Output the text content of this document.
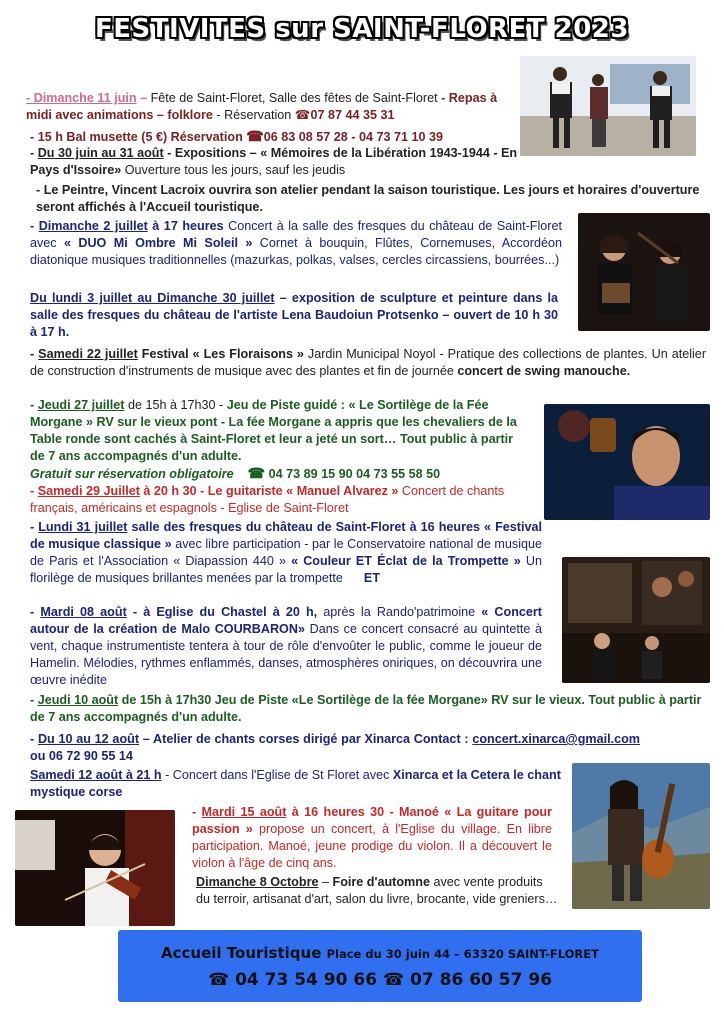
FESTIVITES sur SAINT-FLORET 2023
- Dimanche 11 juin – Fête de Saint-Floret, Salle des fêtes de Saint-Floret - Repas à midi avec animations – folklore - Réservation ☎07 87 44 35 31
- 15 h Bal musette (5 €) Réservation ☎06 83 08 57 28 - 04 73 71 10 39
- Du 30 juin au 31 août - Expositions – « Mémoires de la Libération 1943-1944 - En Pays d'Issoire» Ouverture tous les jours, sauf les jeudis
- Le Peintre, Vincent Lacroix ouvrira son atelier pendant la saison touristique. Les jours et horaires d'ouverture seront affichés à l'Accueil touristique.
- Dimanche 2 juillet à 17 heures Concert à la salle des fresques du château de Saint-Floret avec « DUO Mi Ombre Mi Soleil » Cornet à bouquin, Flûtes, Cornemuses, Accordéon diatonique musiques traditionnelles (mazurkas, polkas, valses, cercles circassiens, bourrées...)
Du lundi 3 juillet au Dimanche 30 juillet – exposition de sculpture et peinture dans la salle des fresques du château de l'artiste Lena Baudoiun Protsenko – ouvert de 10 h 30 à 17 h.
- Samedi 22 juillet Festival « Les Floraisons » Jardin Municipal Noyol - Pratique des collections de plantes. Un atelier de construction d'instruments de musique avec des plantes et fin de journée concert de swing manouche.
- Jeudi 27 juillet de 15h à 17h30 - Jeu de Piste guidé : « Le Sortilège de la Fée Morgane » RV sur le vieux pont - La fée Morgane a appris que les chevaliers de la Table ronde sont cachés à Saint-Floret et leur a jeté un sort… Tout public à partir de 7 ans accompagnés d'un adulte.
Gratuit sur réservation obligatoire ☎ 04 73 89 15 90 04 73 55 58 50
- Samedi 29 Juillet à 20 h 30 - Le guitariste « Manuel Alvarez » Concert de chants français, américains et espagnols - Eglise de Saint-Floret
- Lundi 31 juillet salle des fresques du château de Saint-Floret à 16 heures « Festival de musique classique » avec libre participation - par le Conservatoire national de musique de Paris et l'Association « Diapassion 440 » « Couleur ET Éclat de la Trompette » Un florilège de musiques brillantes menées par la trompette ET
- Mardi 08 août - à Eglise du Chastel à 20 h, après la Rando'patrimoine « Concert autour de la création de Malo COURBARON» Dans ce concert consacré au quintette à vent, chaque instrumentiste tentera à tour de rôle d'envoûter le public, comme le joueur de Hamelin. Mélodies, rythmes enflammés, danses, atmosphères oniriques, on découvrira une œuvre inédite
- Jeudi 10 août de 15h à 17h30 Jeu de Piste «Le Sortilège de la fée Morgane» RV sur le vieux. Tout public à partir de 7 ans accompagnés d'un adulte.
- Du 10 au 12 août – Atelier de chants corses dirigé par Xinarca Contact : concert.xinarca@gmail.com ou 06 72 90 55 14
Samedi 12 août à 21 h - Concert dans l'Eglise de St Floret avec Xinarca et la Cetera le chant mystique corse
- Mardi 15 août à 16 heures 30 - Manoé « La guitare pour passion » propose un concert, à l'Eglise du village. En libre participation. Manoé, jeune prodige du violon. Il a découvert le violon à l'âge de cinq ans.
Dimanche 8 Octobre – Foire d'automne avec vente produits du terroir, artisanat d'art, salon du livre, brocante, vide greniers…
Accueil Touristique Place du 30 juin 44 – 63320 SAINT-FLORET
☎ 04 73 54 90 66 ☎ 07 86 60 57 96
